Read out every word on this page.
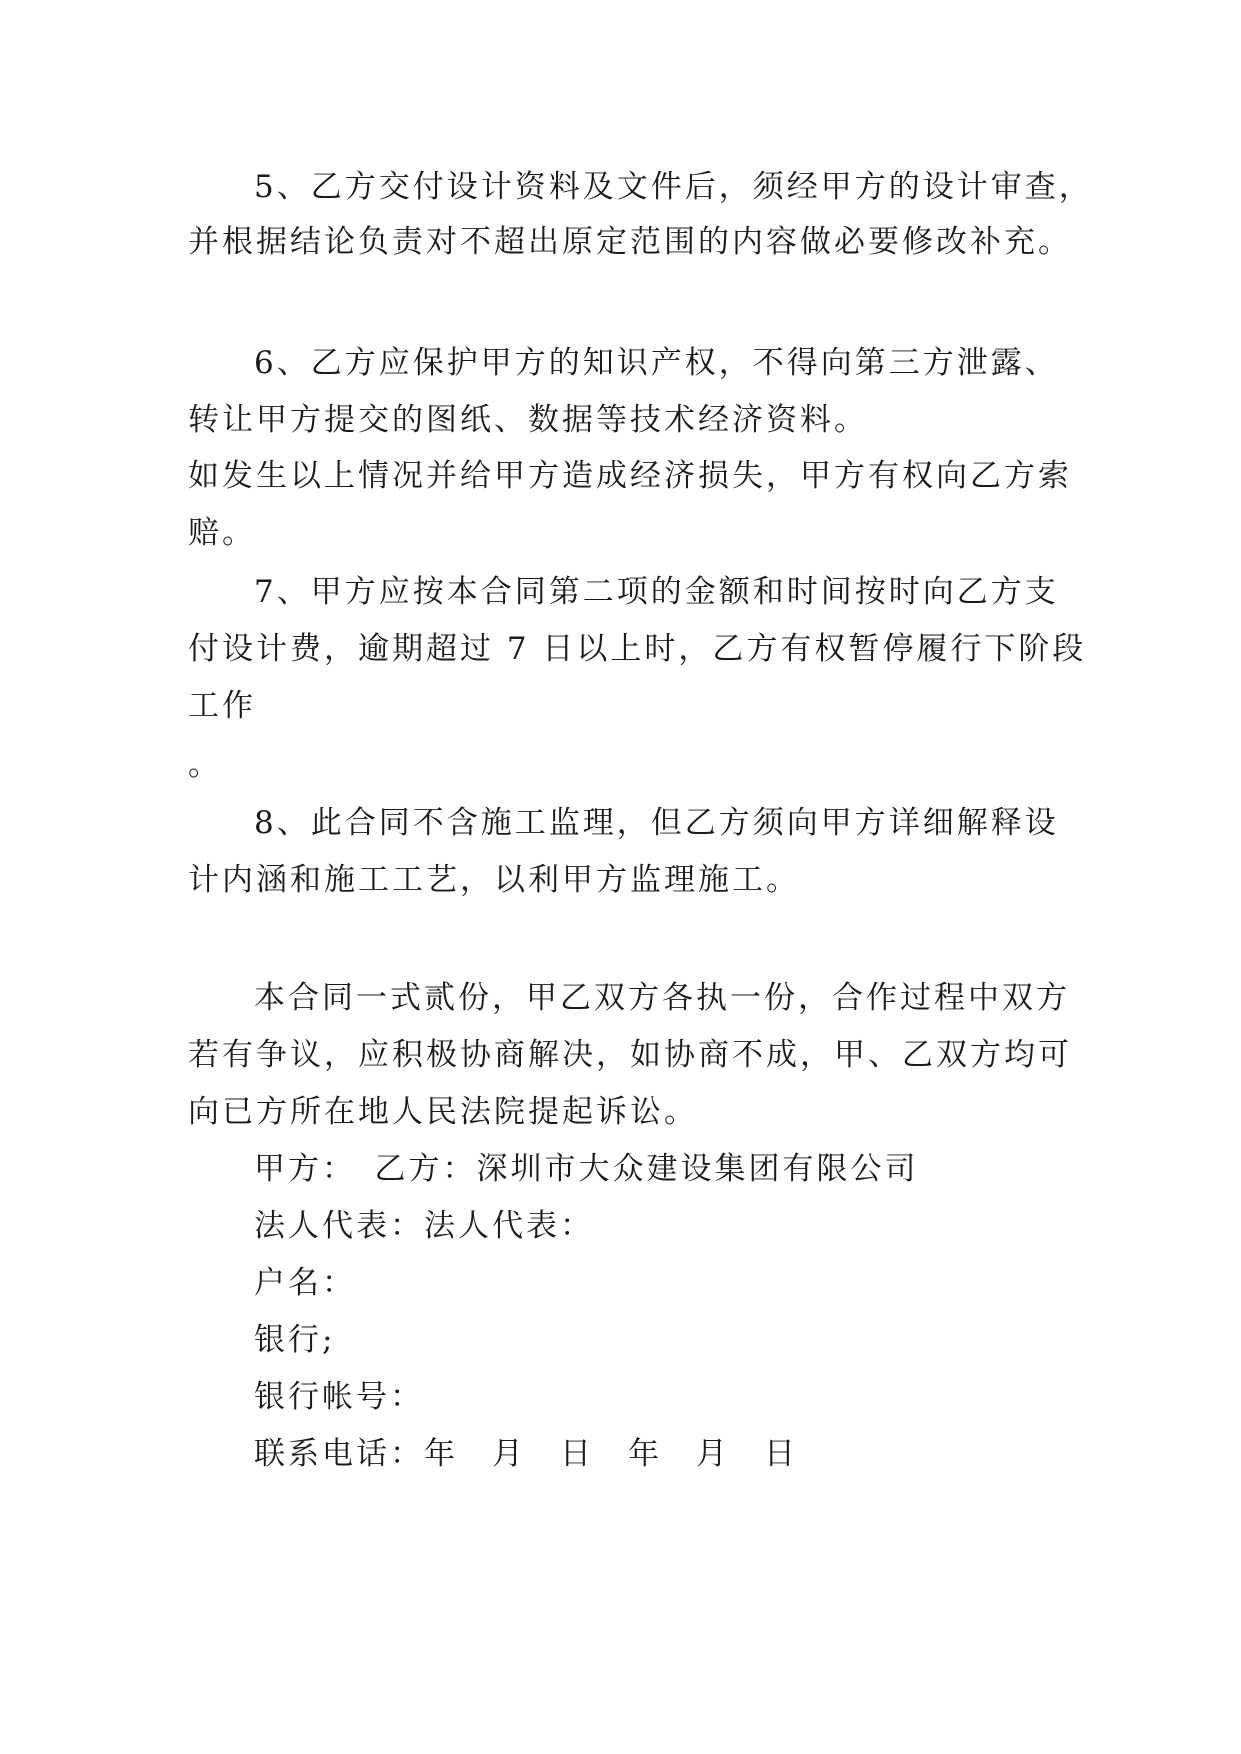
5、乙方交付设计资料及文件后，须经甲方的设计审查，

并根据结论负责对不超出原定范围的内容做必要修改补充。

6、乙方应保护甲方的知识产权，不得向第三方泄露、

转让甲方提交的图纸、数据等技术经济资料。

如发生以上情况并给甲方造成经济损失，甲方有权向乙方索

赔。

7、甲方应按本合同第二项的金额和时间按时向乙方支

付设计费，逾期超过 7 日以上时，乙方有权暂停履行下阶段

工作

。

8、此合同不含施工监理，但乙方须向甲方详细解释设

计内涵和施工工艺，以利甲方监理施工。

本合同一式贰份，甲乙双方各执一份，合作过程中双方

若有争议，应积极协商解决，如协商不成，甲、乙双方均可

向已方所在地人民法院提起诉讼。

甲方：　乙方：深圳市大众建设集团有限公司

法人代表：法人代表：

户名：

银行;

银行帐号：

联系电话：年　月　日　年　月　日
